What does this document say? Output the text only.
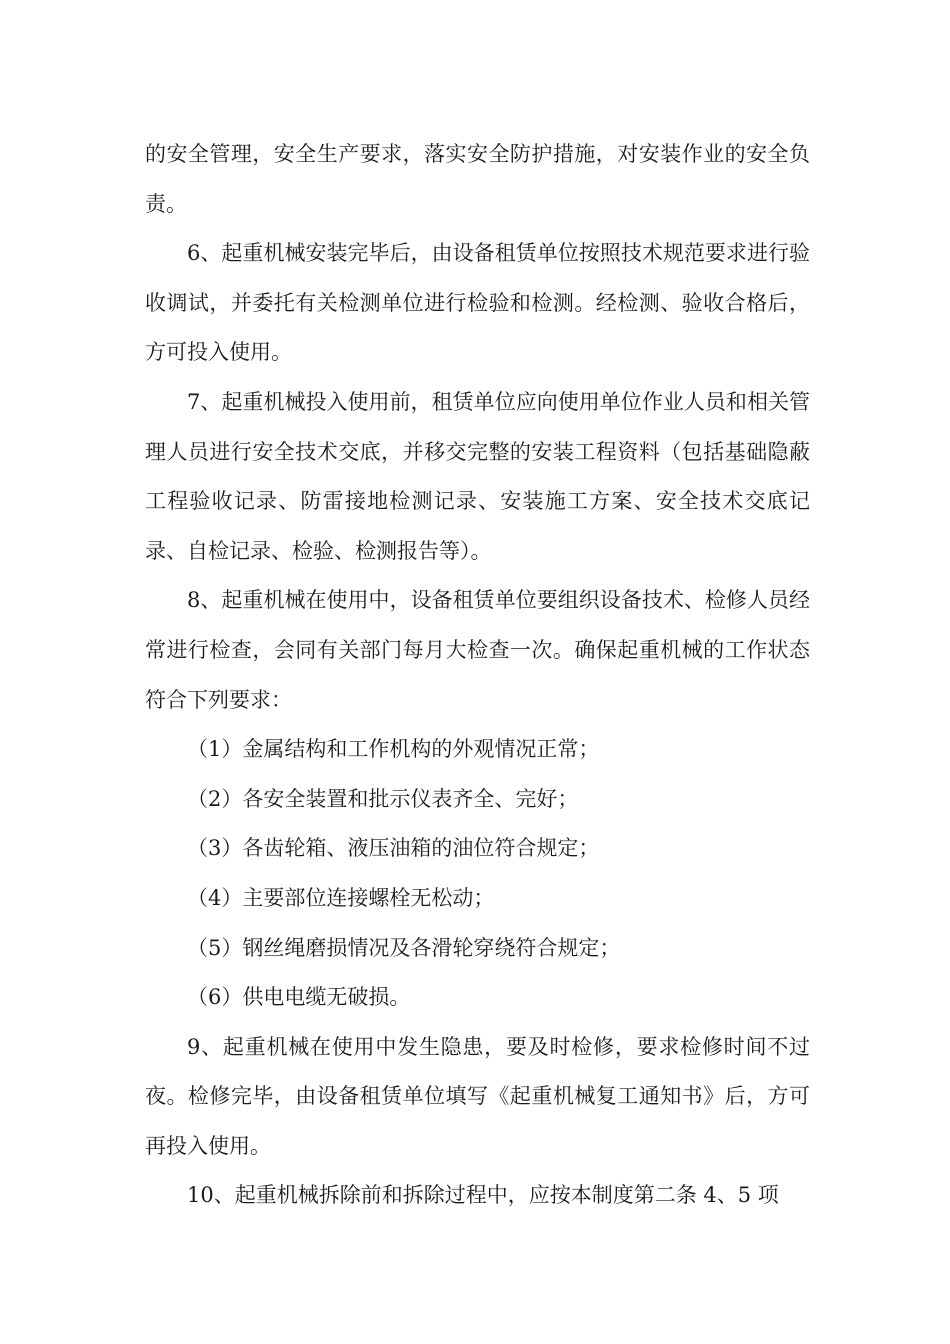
的安全管理，安全生产要求，落实安全防护措施，对安装作业的安全负责。

6、起重机械安装完毕后，由设备租赁单位按照技术规范要求进行验收调试，并委托有关检测单位进行检验和检测。经检测、验收合格后，方可投入使用。

7、起重机械投入使用前，租赁单位应向使用单位作业人员和相关管理人员进行安全技术交底，并移交完整的安装工程资料（包括基础隐蔽工程验收记录、防雷接地检测记录、安装施工方案、安全技术交底记录、自检记录、检验、检测报告等）。

8、起重机械在使用中，设备租赁单位要组织设备技术、检修人员经常进行检查，会同有关部门每月大检查一次。确保起重机械的工作状态符合下列要求：

（1）金属结构和工作机构的外观情况正常；

（2）各安全装置和批示仪表齐全、完好；

（3）各齿轮箱、液压油箱的油位符合规定；

（4）主要部位连接螺栓无松动；

（5）钢丝绳磨损情况及各滑轮穿绕符合规定；

（6）供电电缆无破损。

9、起重机械在使用中发生隐患，要及时检修，要求检修时间不过夜。检修完毕，由设备租赁单位填写《起重机械复工通知书》后，方可再投入使用。

10、起重机械拆除前和拆除过程中，应按本制度第二条 4、5 项
